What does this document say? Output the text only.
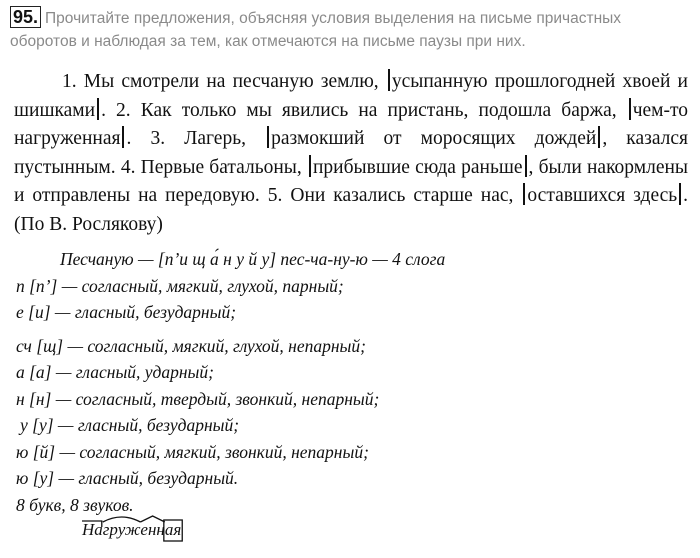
95. Прочитайте предложения, объясняя условия выделения на письме причастных оборотов и наблюдая за тем, как отмечаются на письме паузы при них.
1. Мы смотрели на песчаную землю, усыпанную прошлогодней хвоей и шишками . 2. Как только мы явились на пристань, подошла баржа, чем-то нагруженная . 3. Лагерь, размокший от моросящих дождей , казался пустынным. 4. Первые батальоны, прибывшие сюда раньше , были накормлены и отправлены на передовую. 5. Они казались старше нас, оставшихся здесь . (По В. Рослякову)
Песчаную — [п’и щ а́ н у й у] пес-ча-ну-ю — 4 слога
п [п’] — согласный, мягкий, глухой, парный;
е [и] — гласный, безударный;
сч [щ] — согласный, мягкий, глухой, непарный;
а [а] — гласный, ударный;
н [н] — согласный, твердый, звонкий, непарный;
у [у] — гласный, безударный;
ю [й] — согласный, мягкий, звонкий, непарный;
ю [у] — гласный, безударный.
8 букв, 8 звуков.
Нагруженная
